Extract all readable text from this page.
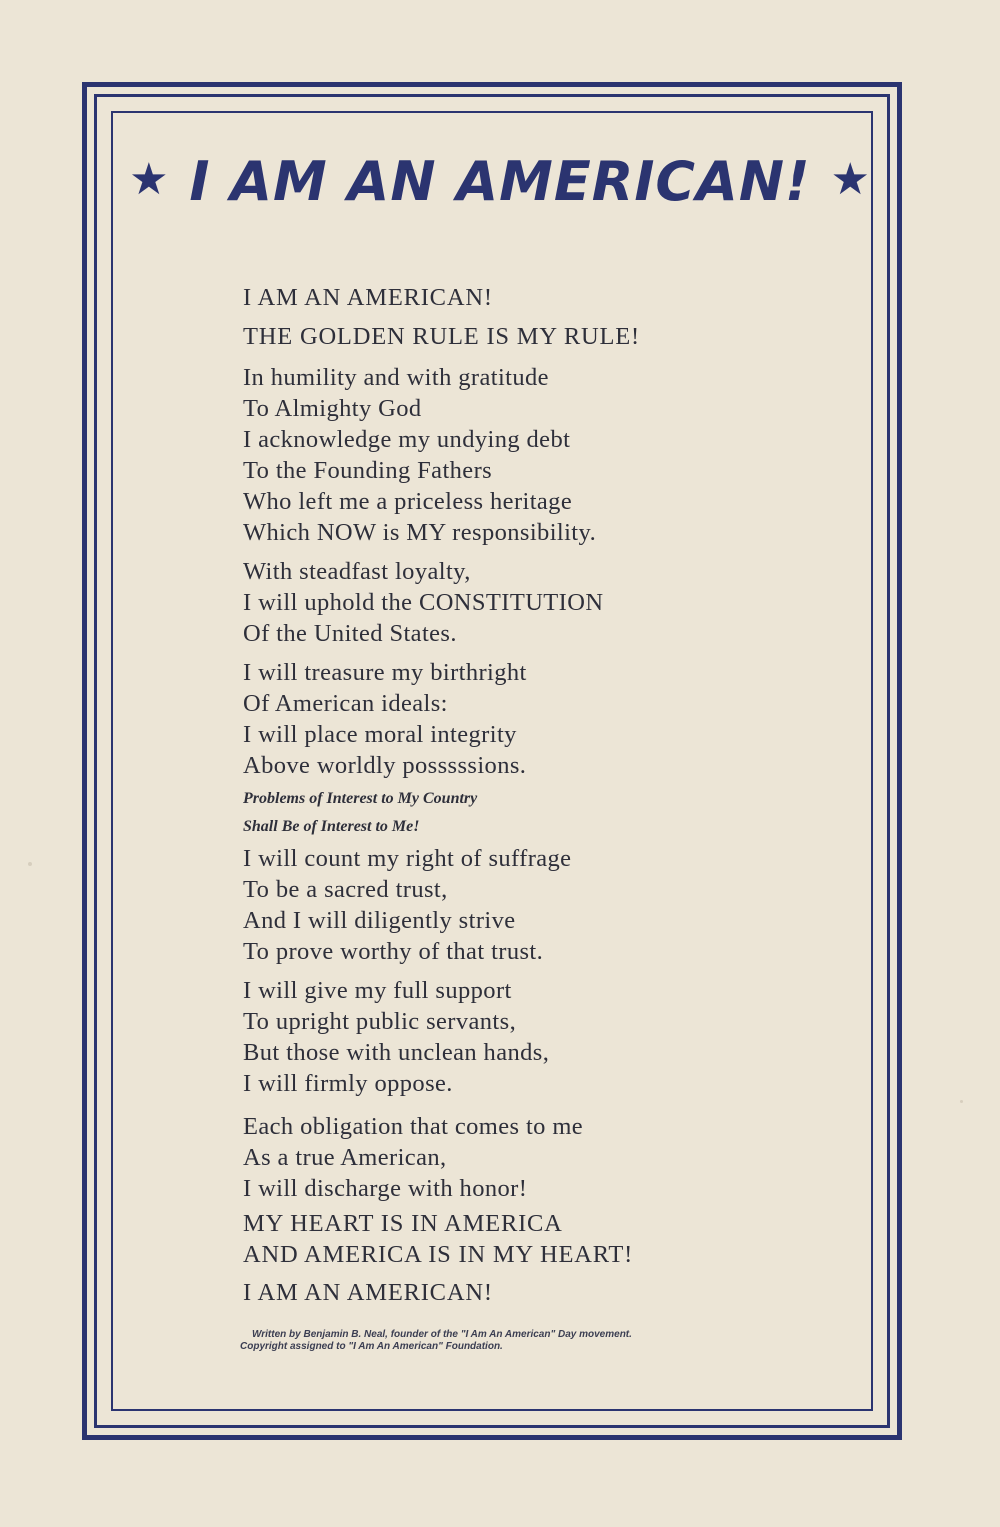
★ I AM AN AMERICAN! ★
I AM AN AMERICAN!
THE GOLDEN RULE IS MY RULE!
In humility and with gratitude
To Almighty God
I acknowledge my undying debt
To the Founding Fathers
Who left me a priceless heritage
Which NOW is MY responsibility.
With steadfast loyalty,
I will uphold the CONSTITUTION
Of the United States.
I will treasure my birthright
Of American ideals:
I will place moral integrity
Above worldly posssssions.
Problems of Interest to My Country
Shall Be of Interest to Me!
I will count my right of suffrage
To be a sacred trust,
And I will diligently strive
To prove worthy of that trust.
I will give my full support
To upright public servants,
But those with unclean hands,
I will firmly oppose.
Each obligation that comes to me
As a true American,
I will discharge with honor!
MY HEART IS IN AMERICA
AND AMERICA IS IN MY HEART!
I AM AN AMERICAN!
Written by Benjamin B. Neal, founder of the "I Am An American" Day movement.
Copyright assigned to "I Am An American" Foundation.
